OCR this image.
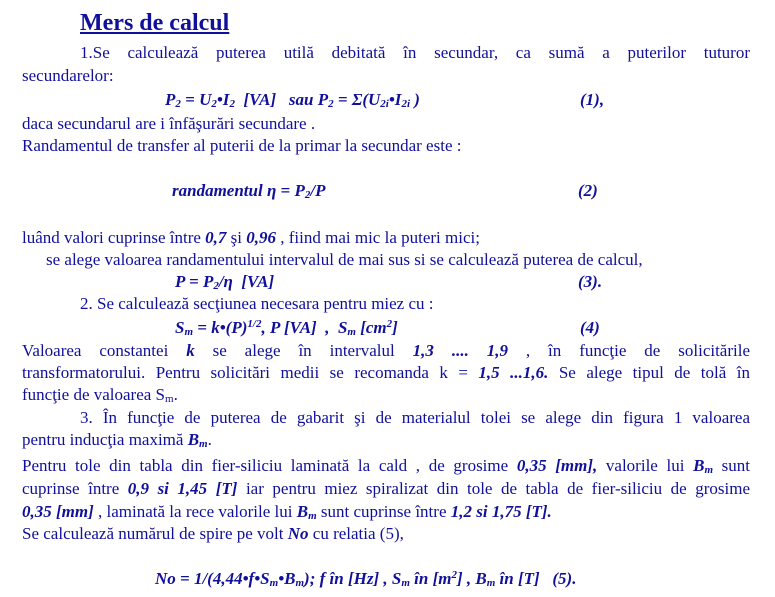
Mers de calcul
1.Se calculează puterea utilă debitată în secundar, ca sumă a puterilor tuturor
secundarelor:
$P_2$ = $U_2•I_2$  [VA]   sau $P_2$ = $\Sigma(U_{2i}•I_{2i}$ )	(1),
daca secundarul are i înfăşurări secundare .
Randamentul de transfer al puterii de la primar la secundar este :
randamentul $\eta = P_2/P$	(2)
luând valori cuprinse între 0,7 şi 0,96 , fiind mai mic la puteri mici;
se alege valoarea randamentului intervalul de mai sus si se calculează puterea de calcul,
$P = P_2/\eta$  [VA]	(3).
2. Se calculează secţiunea necesara pentru miez cu :
$S_m$ = $k•(P)^{1/2}$, P [VA]  ,  $S_m$ $[cm^2]$	(4)
Valoarea constantei k se alege în intervalul 1,3 .... 1,9 , în funcţie de solicitările
transformatorului. Pentru solicitări medii se recomanda k = 1,5 ...1,6. Se alege tipul de tolă în
funcţie de valoarea $S_m$.
3. În funcţie de puterea de gabarit şi de materialul tolei se alege din figura 1 valoarea
pentru inducţia maximă $B_m$.
Pentru tole din tabla din fier-siliciu laminată la cald , de grosime 0,35 [mm], valorile lui $B_m$ sunt
cuprinse între 0,9 si 1,45 [T] iar pentru miez spiralizat din tole de tabla de fier-siliciu de grosime
0,35 [mm] , laminată la rece valorile lui $B_m$ sunt cuprinse între 1,2 si 1,75 [T].
Se calculează numărul de spire pe volt No cu relatia (5),
$No = 1/(4,44•f•S_m•B_m)$; f în [Hz] , $S_m$ în $[m^2]$ , $B_m$ în [T]   (5).
